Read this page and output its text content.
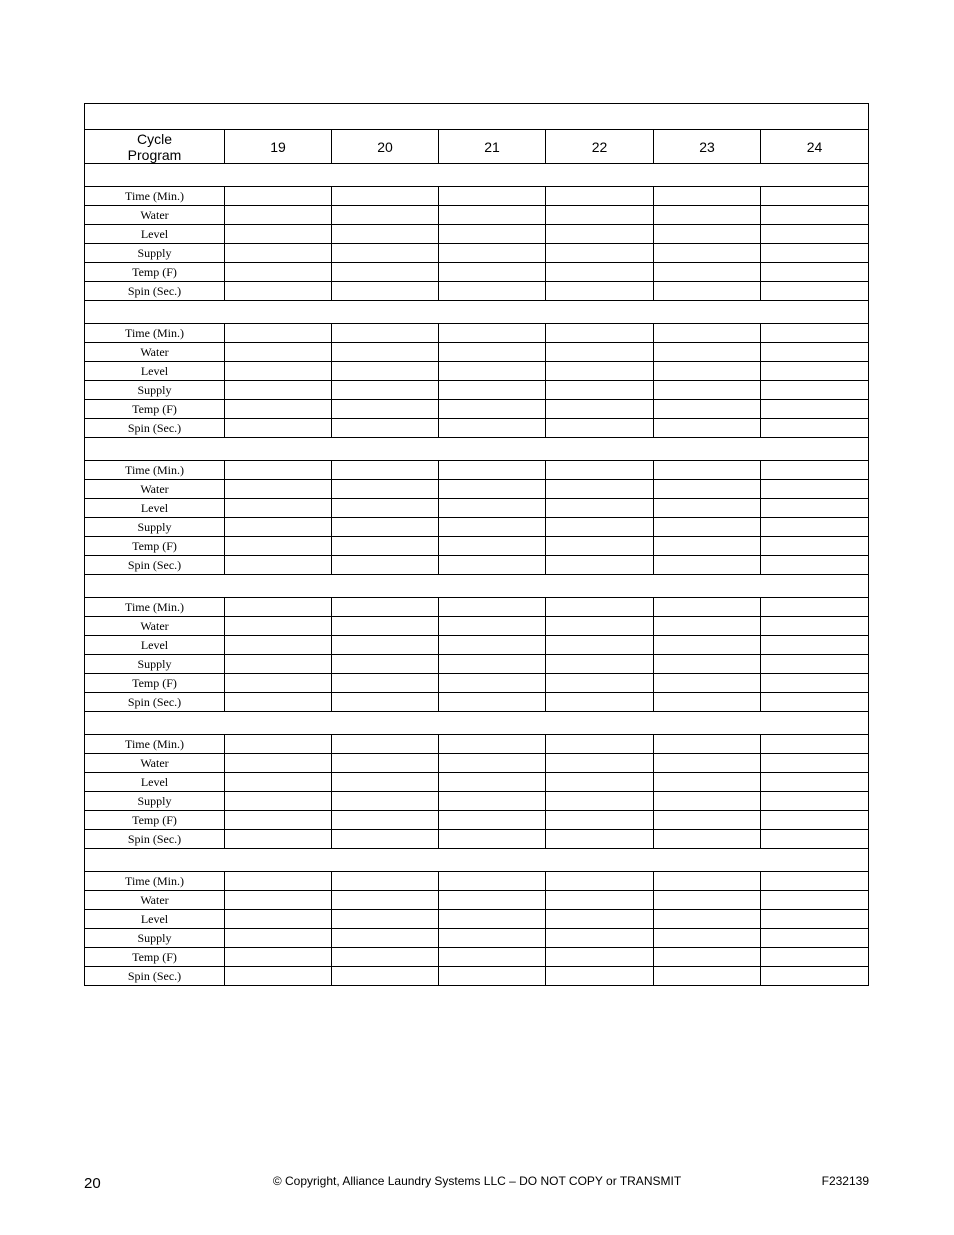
Cycle
Program	19	20	21	22	23	24

Time (Min.)						
Water						
Level						
Supply						
Temp (F)						
Spin (Sec.)						

Time (Min.)						
Water						
Level						
Supply						
Temp (F)						
Spin (Sec.)						

Time (Min.)						
Water						
Level						
Supply						
Temp (F)						
Spin (Sec.)						

Time (Min.)						
Water						
Level						
Supply						
Temp (F)						
Spin (Sec.)						

Time (Min.)						
Water						
Level						
Supply						
Temp (F)						
Spin (Sec.)						

Time (Min.)						
Water						
Level						
Supply						
Temp (F)						
Spin (Sec.)						
20	© Copyright, Alliance Laundry Systems LLC – DO NOT COPY or TRANSMIT	F232139
